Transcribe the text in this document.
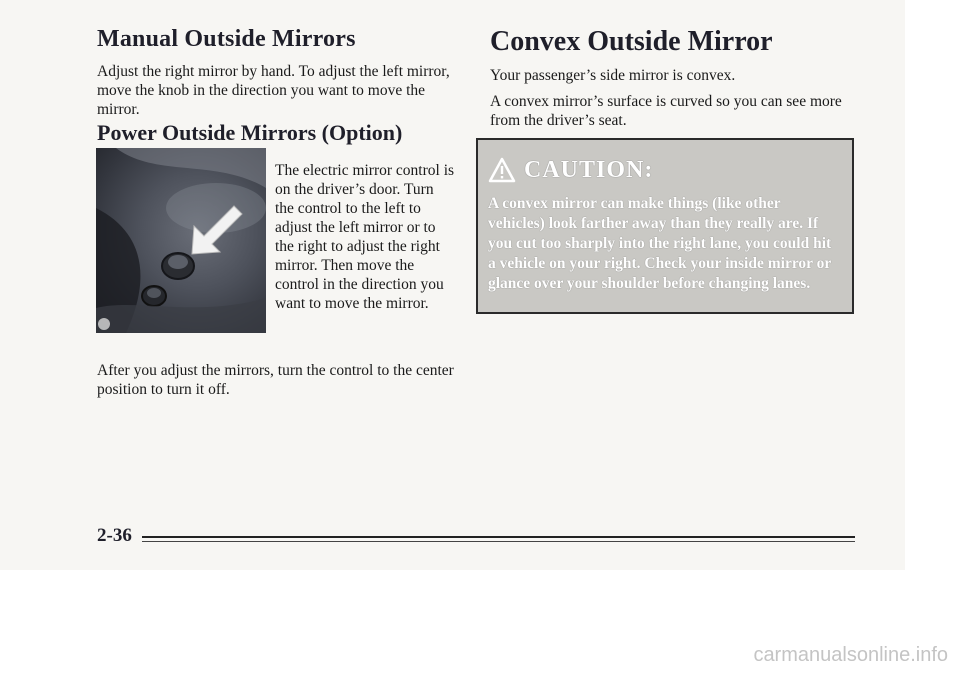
Manual Outside Mirrors

Adjust the right mirror by hand. To adjust the left mirror, move the knob in the direction you want to move the mirror.

Power Outside Mirrors (Option)

The electric mirror control is on the driver’s door. Turn the control to the left to adjust the left mirror or to the right to adjust the right mirror. Then move the control in the direction you want to move the mirror.

After you adjust the mirrors, turn the control to the center position to turn it off.

Convex Outside Mirror

Your passenger’s side mirror is convex.

A convex mirror’s surface is curved so you can see more from the driver’s seat.

CAUTION:

A convex mirror can make things (like other vehicles) look farther away than they really are. If you cut too sharply into the right lane, you could hit a vehicle on your right. Check your inside mirror or glance over your shoulder before changing lanes.

2-36

carmanualsonline.info
